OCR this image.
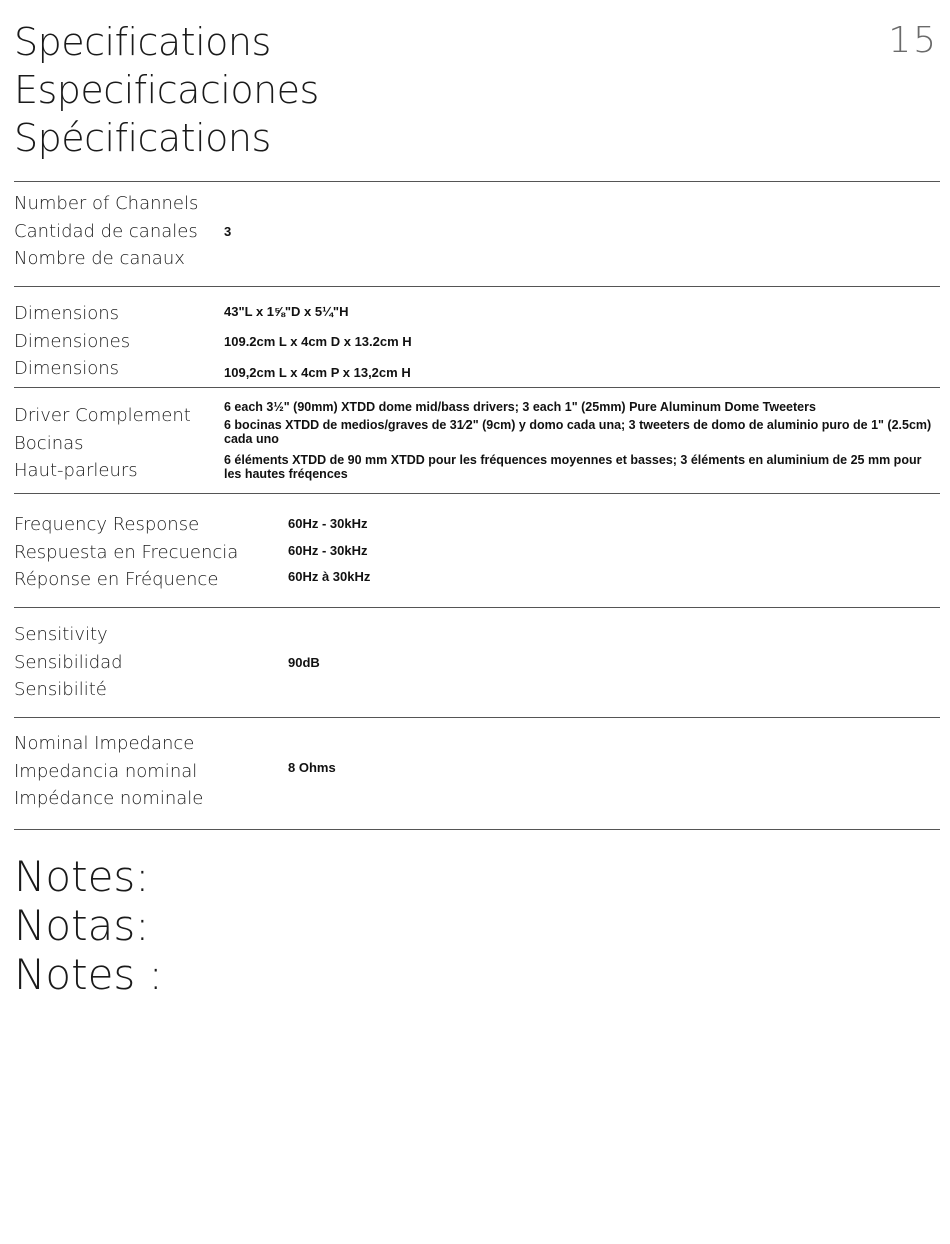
Specifications
Especificaciones
Spécifications
15
Number of Channels
Cantidad de canales
Nombre de canaux
3
Dimensions
Dimensiones
Dimensions
43"L x 1⅝"D x 5¼"H
109.2cm L x 4cm D x 13.2cm H
109,2cm L x 4cm P x 13,2cm H
Driver Complement
Bocinas
Haut-parleurs
6 each 3½" (90mm) XTDD dome mid/bass drivers; 3 each 1" (25mm) Pure Aluminum Dome Tweeters
6 bocinas XTDD de medios/graves de 31⁄2" (9cm) y domo cada una; 3 tweeters de domo de aluminio puro de 1" (2.5cm) cada uno
6 éléments XTDD de 90 mm XTDD pour les fréquences moyennes et basses; 3 éléments en aluminium de 25 mm pour les hautes fréqences
Frequency Response
Respuesta en Frecuencia
Réponse en Fréquence
60Hz - 30kHz
60Hz - 30kHz
60Hz à 30kHz
Sensitivity
Sensibilidad
Sensibilité
90dB
Nominal Impedance
Impedancia nominal
Impédance nominale
8 Ohms
Notes:
Notas:
Notes :
